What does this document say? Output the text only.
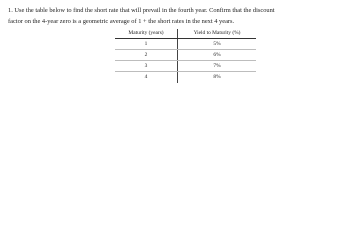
1. Use the table below to find the short rate that will prevail in the fourth year. Confirm that the discount
factor on the 4-year zero is a geometric average of 1 + the short rates in the next 4 years.

Maturity (years)	Yield to Maturity (%)
1	5%
2	6%
3	7%
4	8%
